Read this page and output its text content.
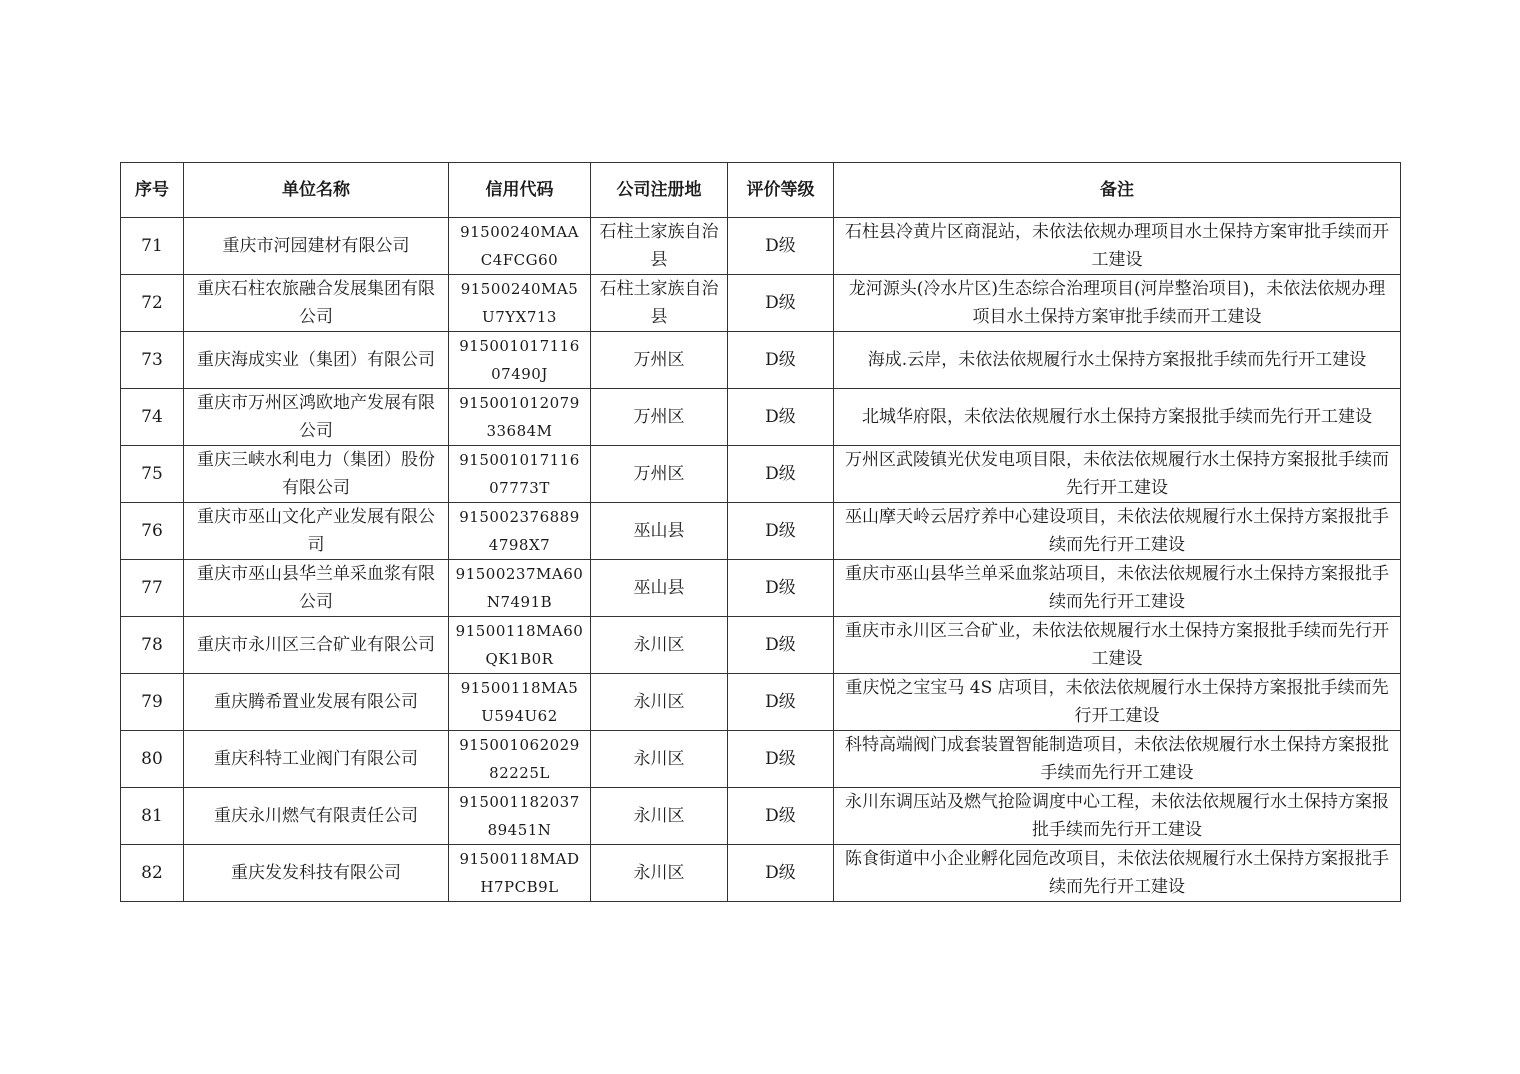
序号	单位名称	信用代码	公司注册地	评价等级	备注
71	重庆市河园建材有限公司	91500240MAAC4FCG60	石柱土家族自治县	D级	石柱县冷黄片区商混站，未依法依规办理项目水土保持方案审批手续而开工建设
72	重庆石柱农旅融合发展集团有限公司	91500240MA5U7YX713	石柱土家族自治县	D级	龙河源头(冷水片区)生态综合治理项目(河岸整治项目)，未依法依规办理项目水土保持方案审批手续而开工建设
73	重庆海成实业（集团）有限公司	91500101711607490J	万州区	D级	海成.云岸，未依法依规履行水土保持方案报批手续而先行开工建设
74	重庆市万州区鸿欧地产发展有限公司	91500101207933684M	万州区	D级	北城华府限，未依法依规履行水土保持方案报批手续而先行开工建设
75	重庆三峡水利电力（集团）股份有限公司	91500101711607773T	万州区	D级	万州区武陵镇光伏发电项目限，未依法依规履行水土保持方案报批手续而先行开工建设
76	重庆市巫山文化产业发展有限公司	915002376889 4798X7	巫山县	D级	巫山摩天岭云居疗养中心建设项目，未依法依规履行水土保持方案报批手续而先行开工建设
77	重庆市巫山县华兰单采血浆有限公司	91500237MA60N7491B	巫山县	D级	重庆市巫山县华兰单采血浆站项目，未依法依规履行水土保持方案报批手续而先行开工建设
78	重庆市永川区三合矿业有限公司	91500118MA60QK1B0R	永川区	D级	重庆市永川区三合矿业，未依法依规履行水土保持方案报批手续而先行开工建设
79	重庆腾希置业发展有限公司	91500118MA5U594U62	永川区	D级	重庆悦之宝宝马 4S 店项目，未依法依规履行水土保持方案报批手续而先行开工建设
80	重庆科特工业阀门有限公司	91500106202982225L	永川区	D级	科特高端阀门成套装置智能制造项目，未依法依规履行水土保持方案报批手续而先行开工建设
81	重庆永川燃气有限责任公司	91500118203789451N	永川区	D级	永川东调压站及燃气抢险调度中心工程，未依法依规履行水土保持方案报批手续而先行开工建设
82	重庆发发科技有限公司	91500118MADH7PCB9L	永川区	D级	陈食街道中小企业孵化园危改项目，未依法依规履行水土保持方案报批手续而先行开工建设
